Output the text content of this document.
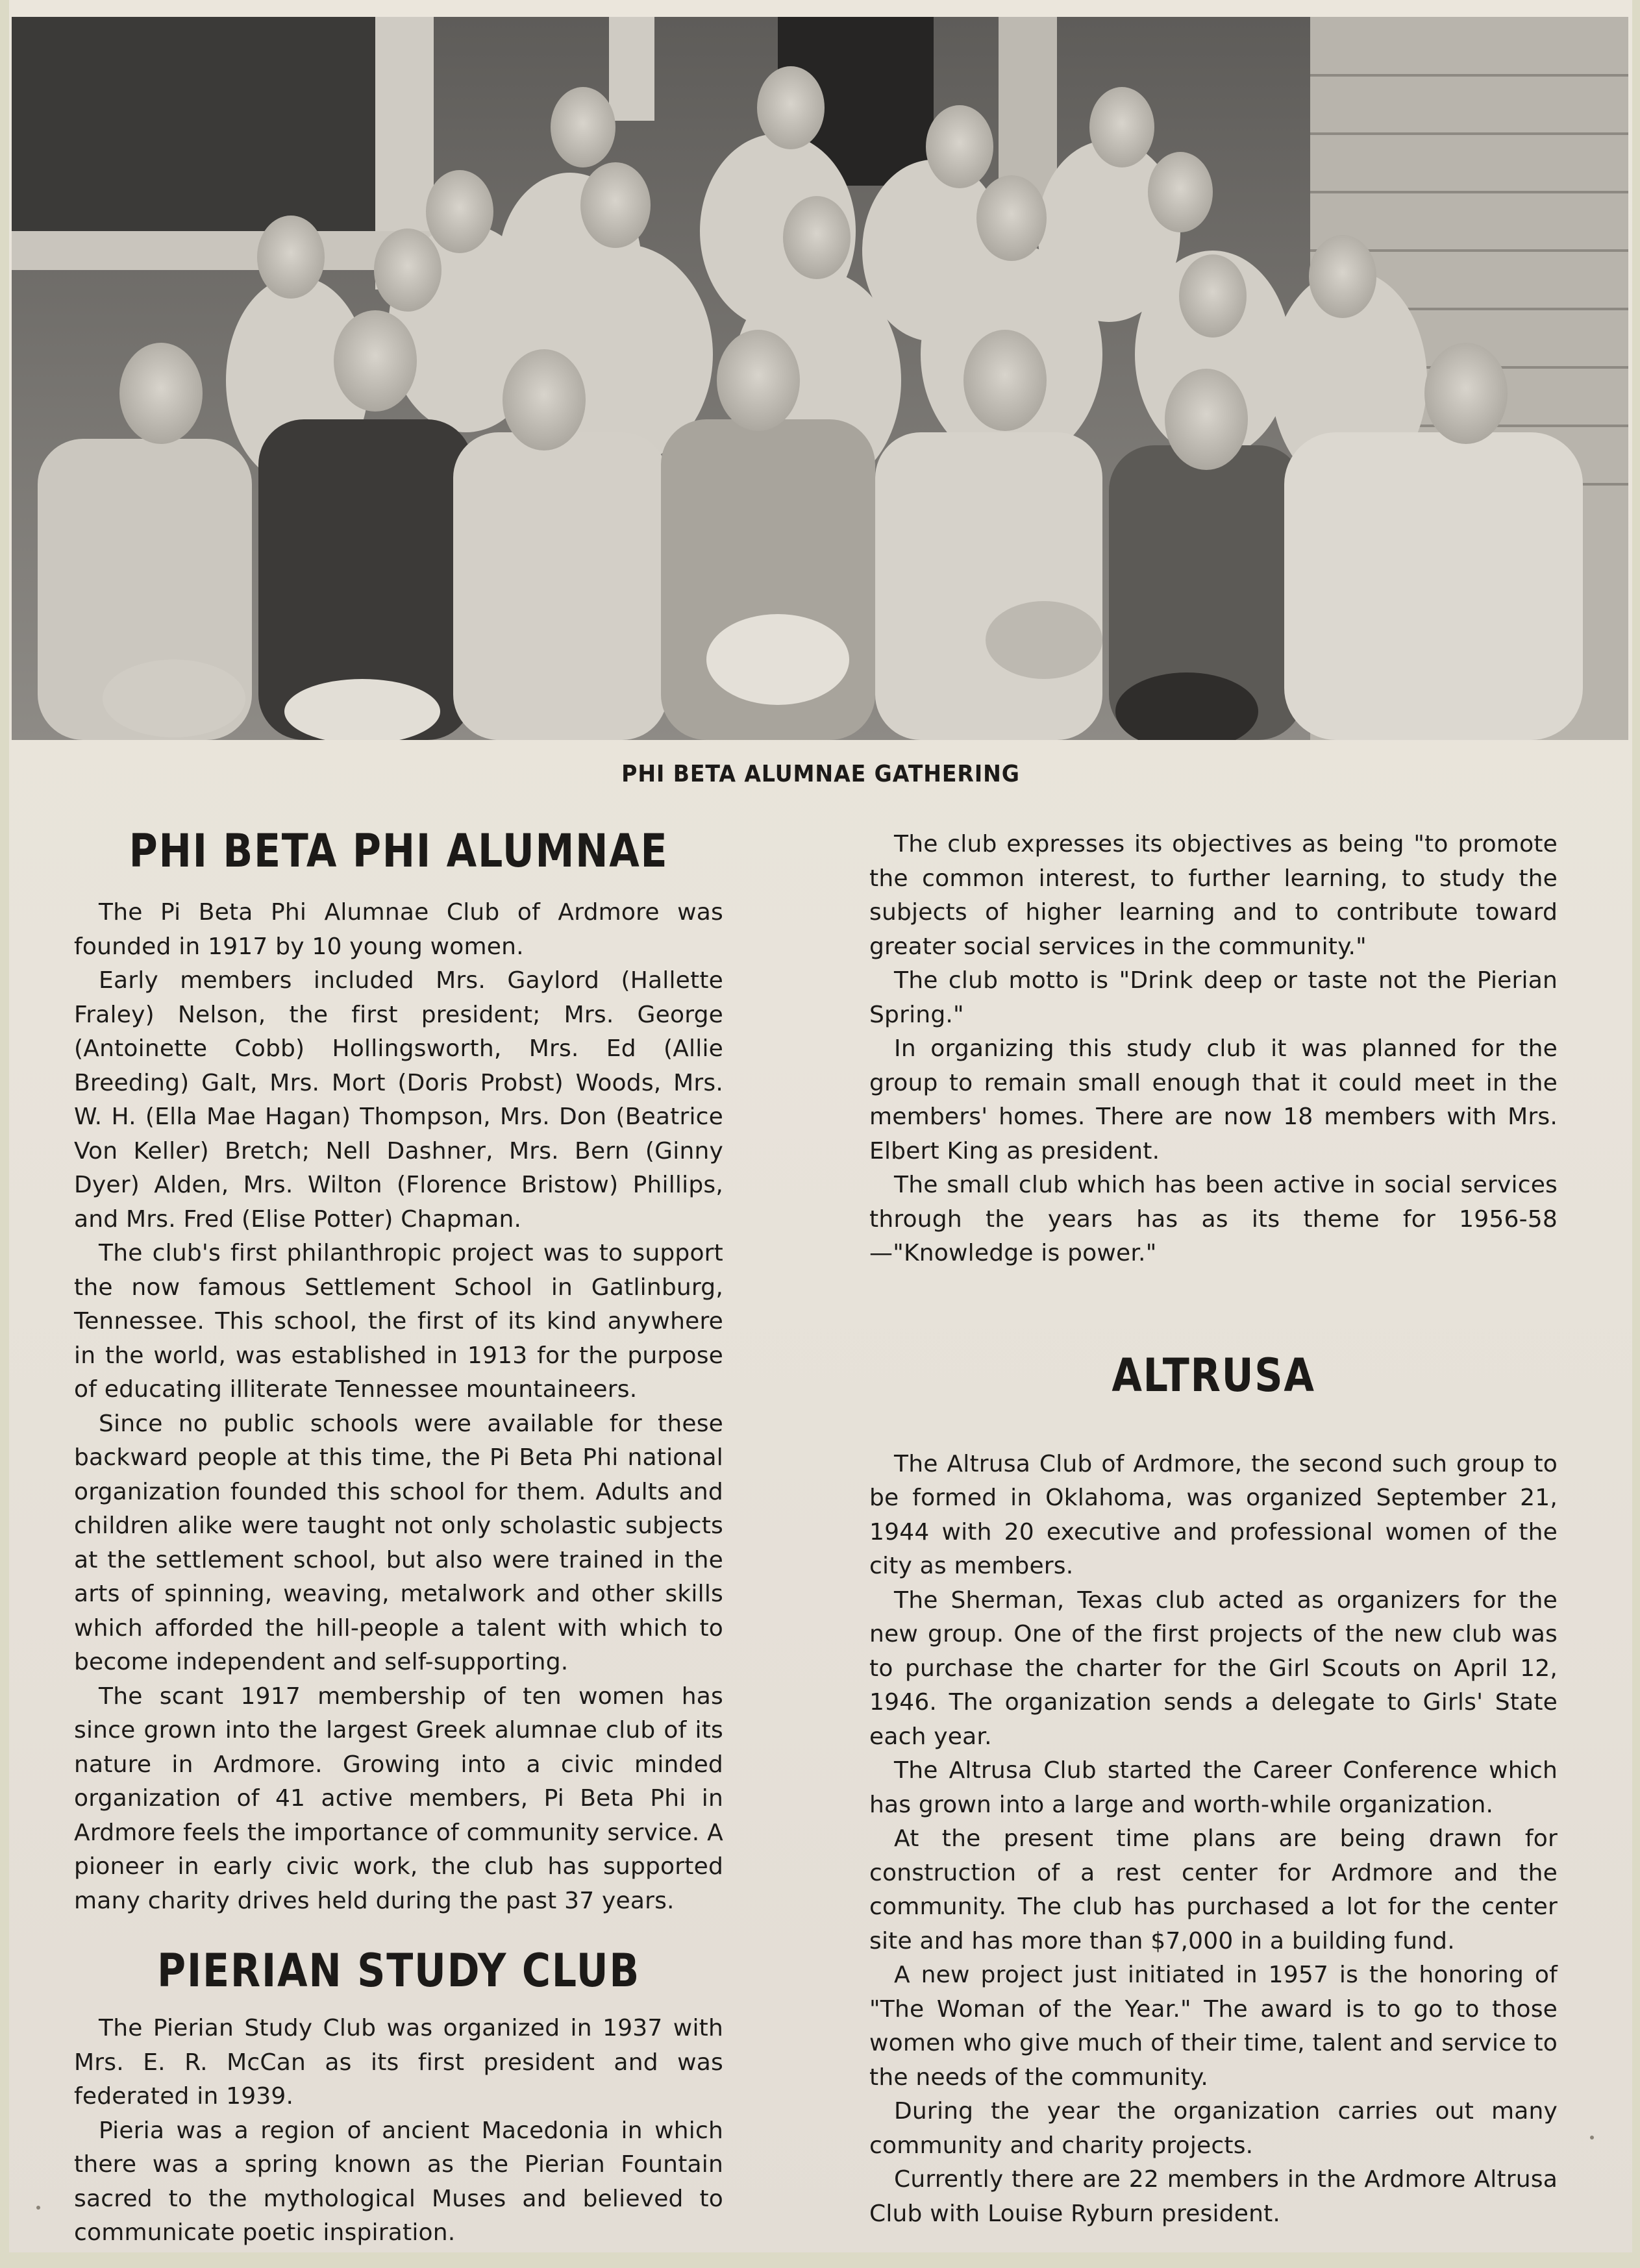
PHI BETA ALUMNAE GATHERING
PHI BETA PHI ALUMNAE

The Pi Beta Phi Alumnae Club of Ardmore was founded in 1917 by 10 young women.

Early members included Mrs. Gaylord (Hallette Fraley) Nelson, the first president; Mrs. George (Antoinette Cobb) Hollingsworth, Mrs. Ed (Allie Breeding) Galt, Mrs. Mort (Doris Probst) Woods, Mrs. W. H. (Ella Mae Hagan) Thompson, Mrs. Don (Beatrice Von Keller) Bretch; Nell Dashner, Mrs. Bern (Ginny Dyer) Alden, Mrs. Wilton (Florence Bristow) Phillips, and Mrs. Fred (Elise Potter) Chapman.

The club's first philanthropic project was to support the now famous Settlement School in Gatlinburg, Tennessee. This school, the first of its kind anywhere in the world, was established in 1913 for the purpose of educating illiterate Tennessee mountaineers.

Since no public schools were available for these backward people at this time, the Pi Beta Phi national organization founded this school for them. Adults and children alike were taught not only scholastic subjects at the settlement school, but also were trained in the arts of spinning, weaving, metalwork and other skills which afforded the hill-people a talent with which to become independent and self-supporting.

The scant 1917 membership of ten women has since grown into the largest Greek alumnae club of its nature in Ardmore. Growing into a civic minded organization of 41 active members, Pi Beta Phi in Ardmore feels the importance of community service. A pioneer in early civic work, the club has supported many charity drives held during the past 37 years.

PIERIAN STUDY CLUB

The Pierian Study Club was organized in 1937 with Mrs. E. R. McCan as its first president and was federated in 1939.

Pieria was a region of ancient Macedonia in which there was a spring known as the Pierian Fountain sacred to the mythological Muses and believed to communicate poetic inspiration.

The club expresses its objectives as being "to promote the common interest, to further learning, to study the subjects of higher learning and to contribute toward greater social services in the community."

The club motto is "Drink deep or taste not the Pierian Spring."

In organizing this study club it was planned for the group to remain small enough that it could meet in the members' homes. There are now 18 members with Mrs. Elbert King as president.

The small club which has been active in social services through the years has as its theme for 1956-58—"Knowledge is power."

ALTRUSA

The Altrusa Club of Ardmore, the second such group to be formed in Oklahoma, was organized September 21, 1944 with 20 executive and professional women of the city as members.

The Sherman, Texas club acted as organizers for the new group. One of the first projects of the new club was to purchase the charter for the Girl Scouts on April 12, 1946. The organization sends a delegate to Girls' State each year.

The Altrusa Club started the Career Conference which has grown into a large and worth-while organization.

At the present time plans are being drawn for construction of a rest center for Ardmore and the community. The club has purchased a lot for the center site and has more than $7,000 in a building fund.

A new project just initiated in 1957 is the honoring of "The Woman of the Year." The award is to go to those women who give much of their time, talent and service to the needs of the community.

During the year the organization carries out many community and charity projects.

Currently there are 22 members in the Ardmore Altrusa Club with Louise Ryburn president.
